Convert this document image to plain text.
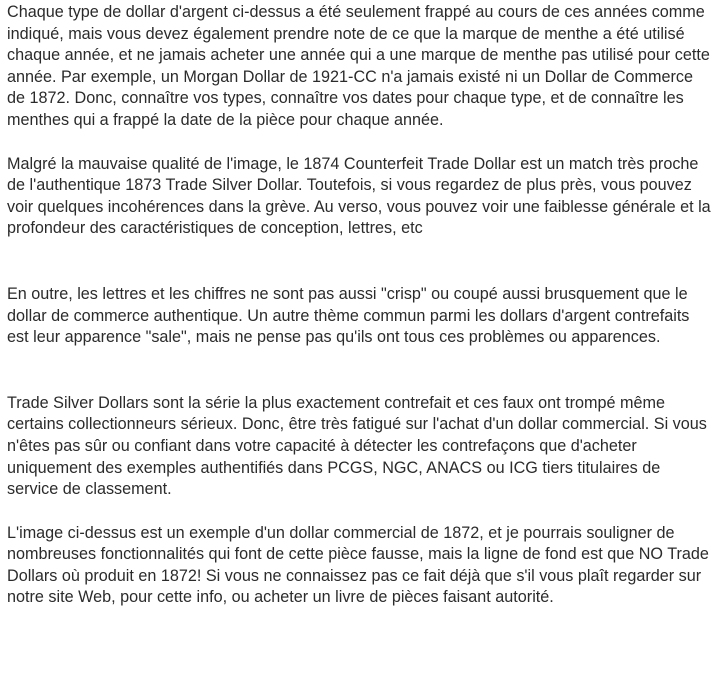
Chaque type de dollar d'argent ci-dessus a été seulement frappé au cours de ces années comme indiqué, mais vous devez également prendre note de ce que la marque de menthe a été utilisé chaque année, et ne jamais acheter une année qui a une marque de menthe pas utilisé pour cette année. Par exemple, un Morgan Dollar de 1921-CC n'a jamais existé ni un Dollar de Commerce de 1872. Donc, connaître vos types, connaître vos dates pour chaque type, et de connaître les menthes qui a frappé la date de la pièce pour chaque année.

Malgré la mauvaise qualité de l'image, le 1874 Counterfeit Trade Dollar est un match très proche de l'authentique 1873 Trade Silver Dollar. Toutefois, si vous regardez de plus près, vous pouvez voir quelques incohérences dans la grève. Au verso, vous pouvez voir une faiblesse générale et la profondeur des caractéristiques de conception, lettres, etc

En outre, les lettres et les chiffres ne sont pas aussi "crisp" ou coupé aussi brusquement que le dollar de commerce authentique. Un autre thème commun parmi les dollars d'argent contrefaits est leur apparence "sale", mais ne pense pas qu'ils ont tous ces problèmes ou apparences.

Trade Silver Dollars sont la série la plus exactement contrefait et ces faux ont trompé même certains collectionneurs sérieux. Donc, être très fatigué sur l'achat d'un dollar commercial. Si vous n'êtes pas sûr ou confiant dans votre capacité à détecter les contrefaçons que d'acheter uniquement des exemples authentifiés dans PCGS, NGC, ANACS ou ICG tiers titulaires de service de classement.

L'image ci-dessus est un exemple d'un dollar commercial de 1872, et je pourrais souligner de nombreuses fonctionnalités qui font de cette pièce fausse, mais la ligne de fond est que NO Trade Dollars où produit en 1872! Si vous ne connaissez pas ce fait déjà que s'il vous plaît regarder sur notre site Web, pour cette info, ou acheter un livre de pièces faisant autorité.
